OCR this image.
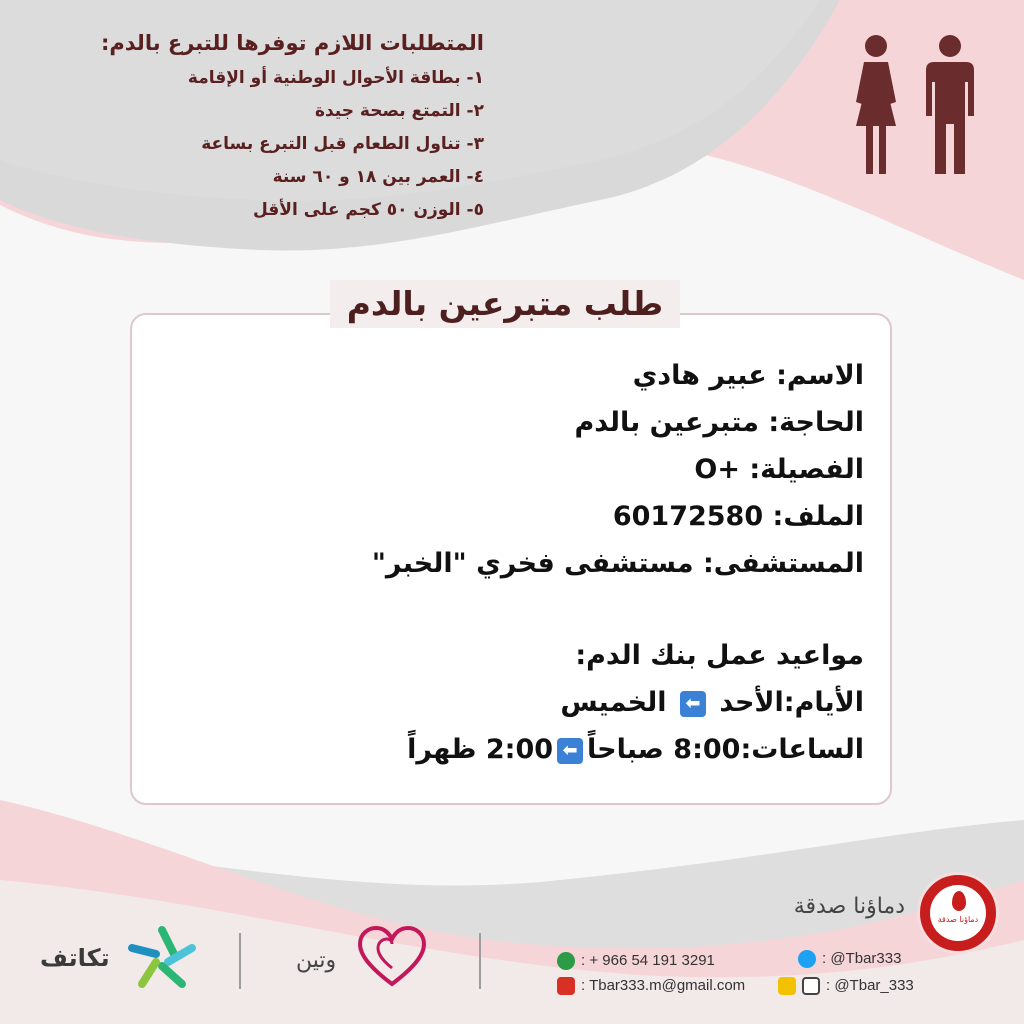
المتطلبات اللازم توفرها للتبرع بالدم:
١- بطاقة الأحوال الوطنية أو الإقامة
٢- التمتع بصحة جيدة
٣- تناول الطعام قبل التبرع بساعة
٤- العمر بين ١٨ و ٦٠ سنة
٥- الوزن ٥٠ كجم على الأقل
طلب متبرعين بالدم
الاسم: عبير هادي
الحاجة: متبرعين بالدم
الفصيلة: +O
الملف: 60172580
المستشفى: مستشفى فخري "الخبر"
مواعيد عمل بنك الدم:
الأيام:الأحد ⬅ الخميس
الساعات:8:00 صباحاً⬅2:00 ظهراً
دماؤنا صدقة
دماؤنا صدقة
: + 966 54 191 3291
: Tbar333.m@gmail.com
: @Tbar333
: @Tbar_333
وتين
تكاتف
